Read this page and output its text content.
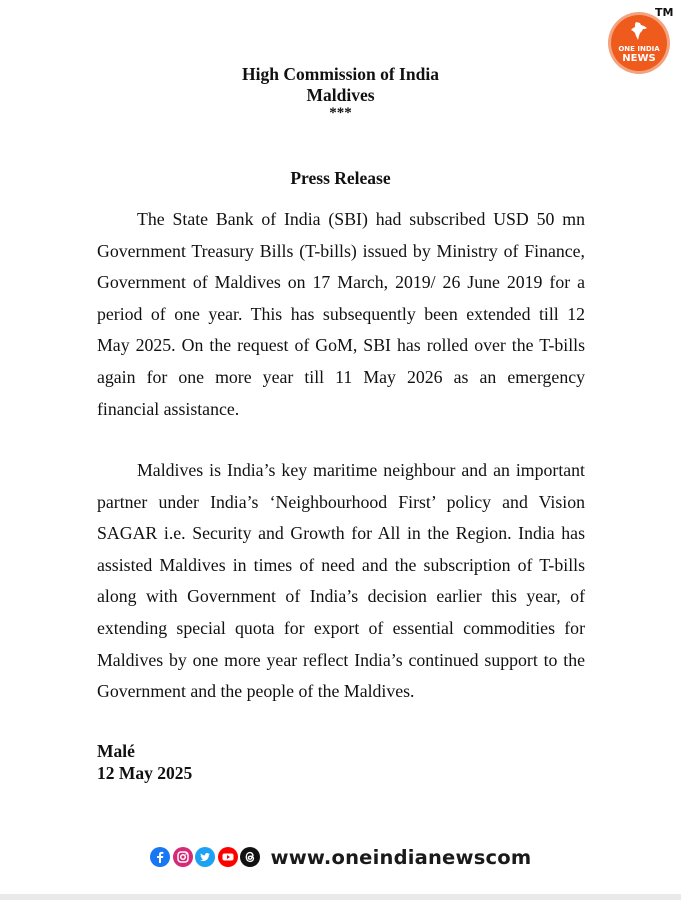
ONE INDIA
NEWS
TM
High Commission of India
Maldives
***
Press Release
The State Bank of India (SBI) had subscribed USD 50 mn
Government Treasury Bills (T-bills) issued by Ministry of Finance,
Government of Maldives on 17 March, 2019/ 26 June 2019 for a
period of one year. This has subsequently been extended till 12
May 2025. On the request of GoM, SBI has rolled over the T-bills
again for one more year till 11 May 2026 as an emergency
financial assistance.
Maldives is India’s key maritime neighbour and an important
partner under India’s ‘Neighbourhood First’ policy and Vision
SAGAR i.e. Security and Growth for All in the Region. India has
assisted Maldives in times of need and the subscription of T-bills
along with Government of India’s decision earlier this year, of
extending special quota for export of essential commodities for
Maldives by one more year reflect India’s continued support to the
Government and the people of the Maldives.
Malé
12 May 2025
www.oneindianewscom
